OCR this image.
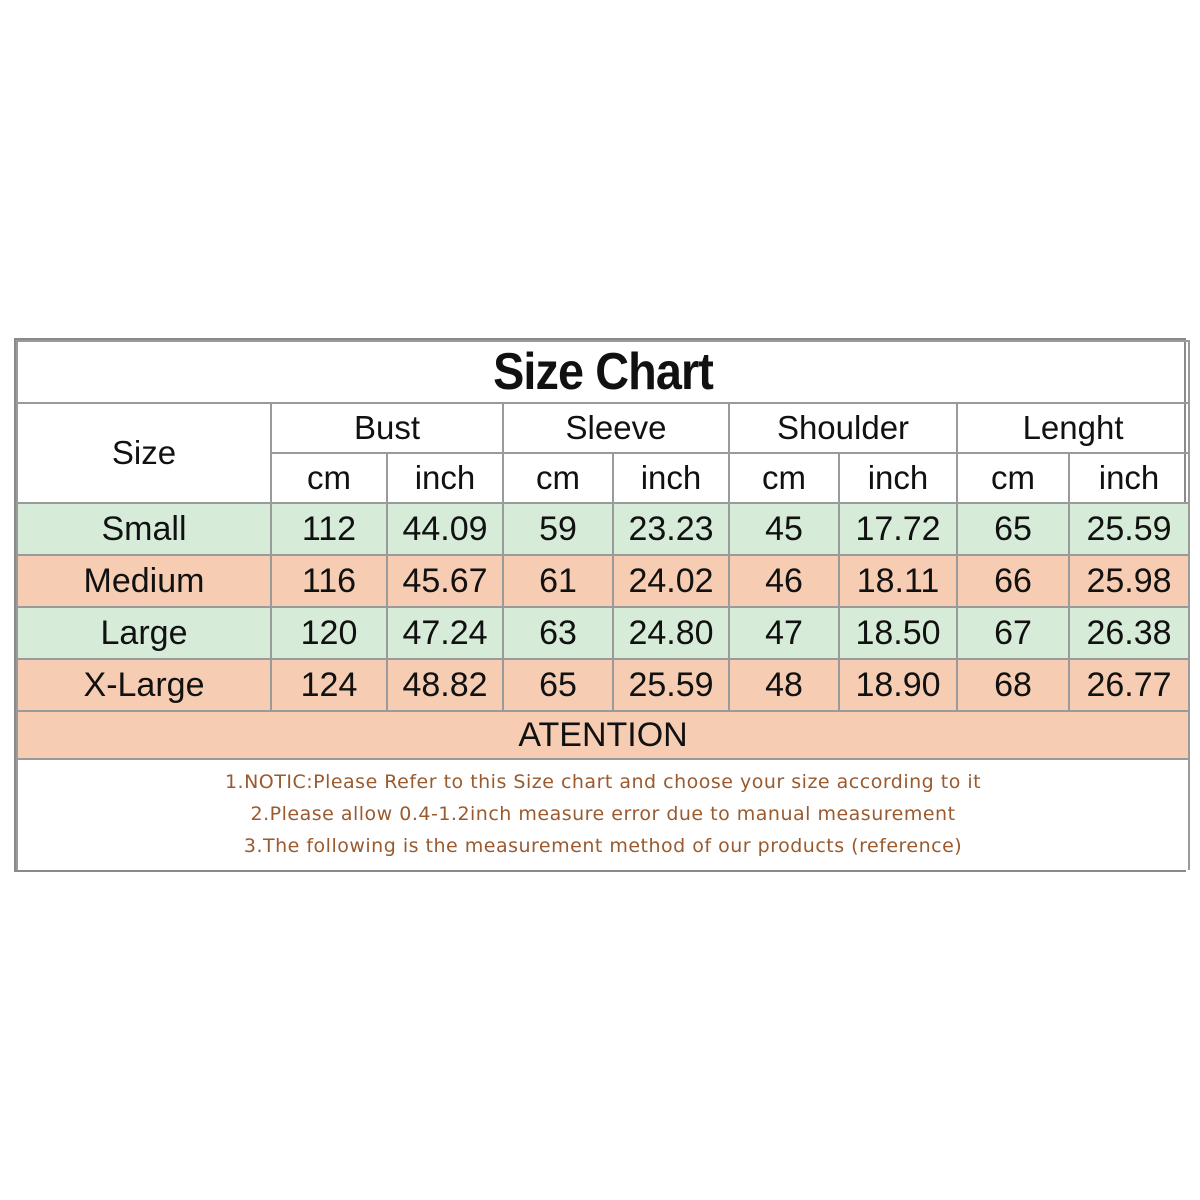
Size Chart								
Size	Bust		Sleeve		Shoulder		Lenght	
	cm	inch	cm	inch	cm	inch	cm	inch
Small	112	44.09	59	23.23	45	17.72	65	25.59
Medium	116	45.67	61	24.02	46	18.11	66	25.98
Large	120	47.24	63	24.80	47	18.50	67	26.38
X-Large	124	48.82	65	25.59	48	18.90	68	26.77
ATENTION								

1.NOTIC:Please Refer to this Size chart and choose your size according to it
2.Please allow 0.4-1.2inch measure error due to manual measurement
3.The following is the measurement method of our products (reference)								
